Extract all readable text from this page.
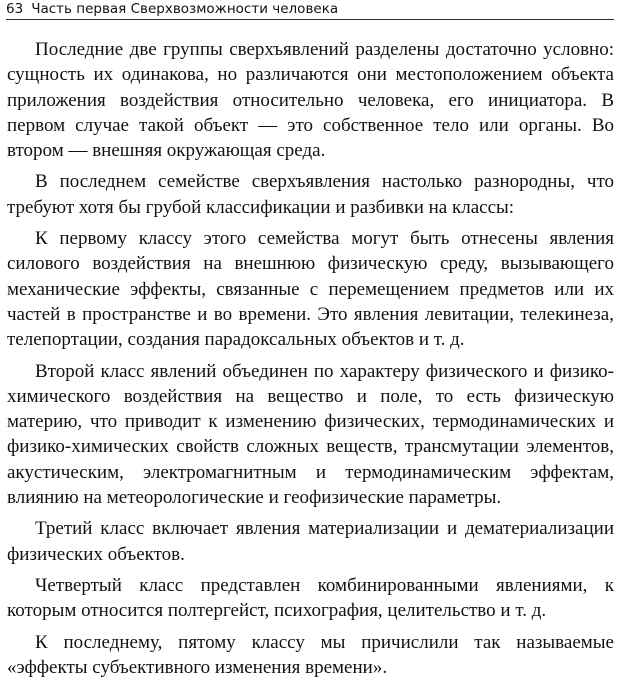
63 Часть первая Сверхвозможности человека

Последние две группы сверхъявлений разделены достаточно условно: сущность их одинакова, но различаются они местоположением объекта приложения воздействия относительно человека, его инициатора. В первом случае такой объект — это собственное тело или органы. Во втором — внешняя окружающая среда.

В последнем семействе сверхъявления настолько разнородны, что требуют хотя бы грубой классификации и разбивки на классы:

К первому классу этого семейства могут быть отнесены явления силового воздействия на внешнюю физическую среду, вызывающего механические эффекты, связанные с перемещением предметов или их частей в пространстве и во времени. Это явления левитации, телекинеза, телепортации, создания парадоксальных объектов и т. д.

Второй класс явлений объединен по характеру физического и физико-химического воздействия на вещество и поле, то есть физическую материю, что приводит к изменению физических, термодинамических и физико-химических свойств сложных веществ, трансмутации элементов, акустическим, электромагнитным и термодинамическим эффектам, влиянию на метеорологические и геофизические параметры.

Третий класс включает явления материализации и дематериализации физических объектов.

Четвертый класс представлен комбинированными явлениями, к которым относится полтергейст, психография, целительство и т. д.

К последнему, пятому классу мы причислили так называемые «эффекты субъективного изменения времени».
